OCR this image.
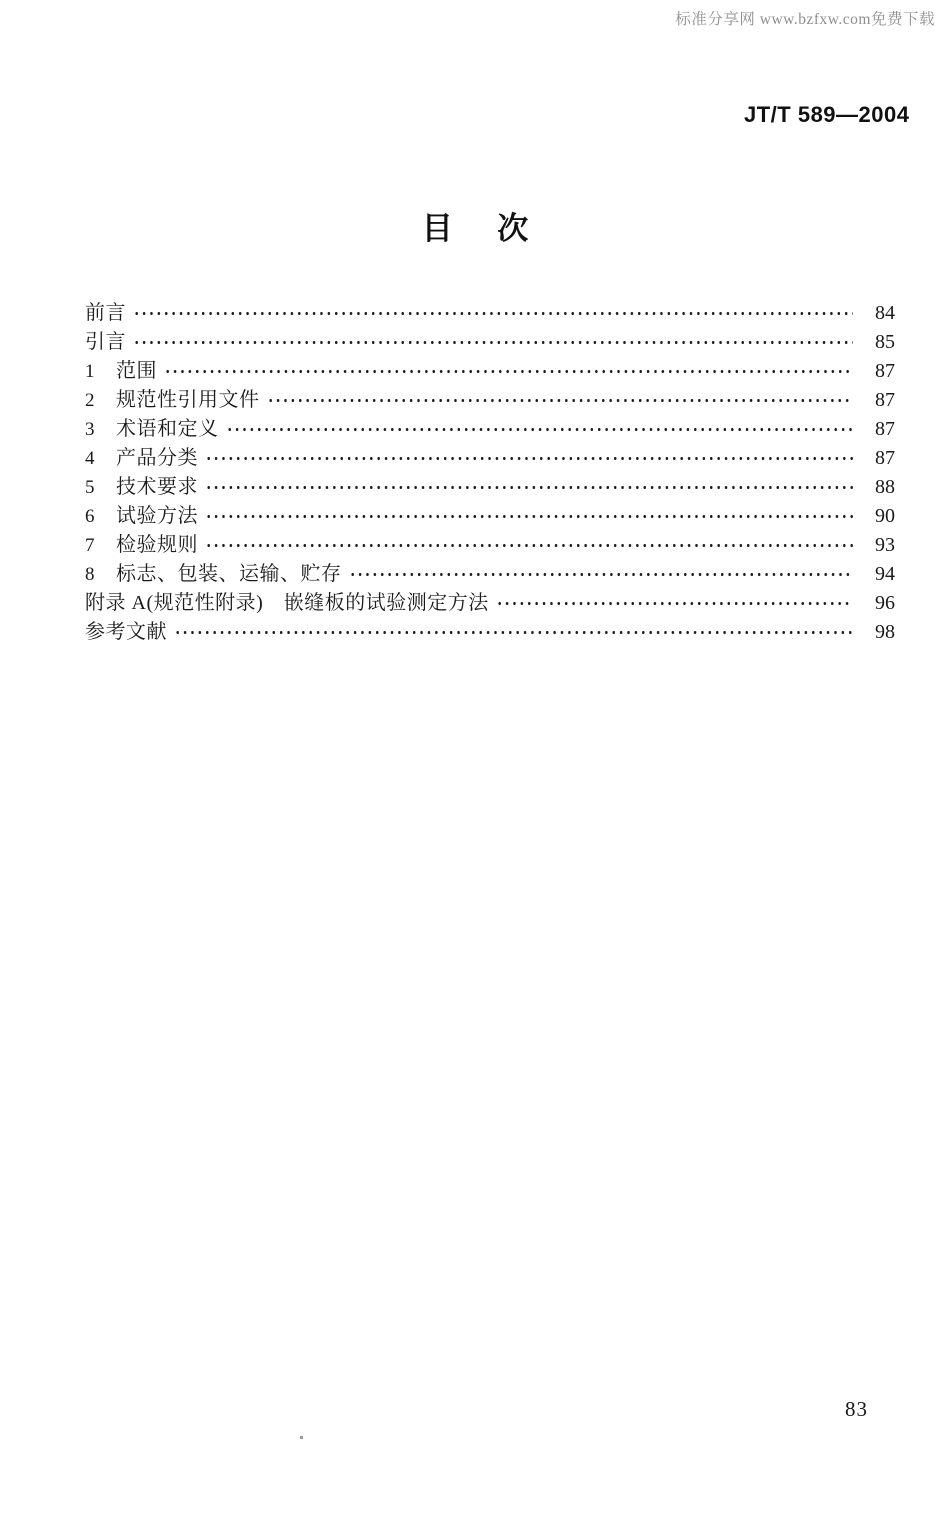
标准分享网 www.bzfxw.com免费下载
JT/T 589—2004
目 次
前言	84
引言	85
1	范围	87
2	规范性引用文件	87
3	术语和定义	87
4	产品分类	87
5	技术要求	88
6	试验方法	90
7	检验规则	93
8	标志、包装、运输、贮存	94
附录 A(规范性附录)　嵌缝板的试验测定方法	96
参考文献	98
83
